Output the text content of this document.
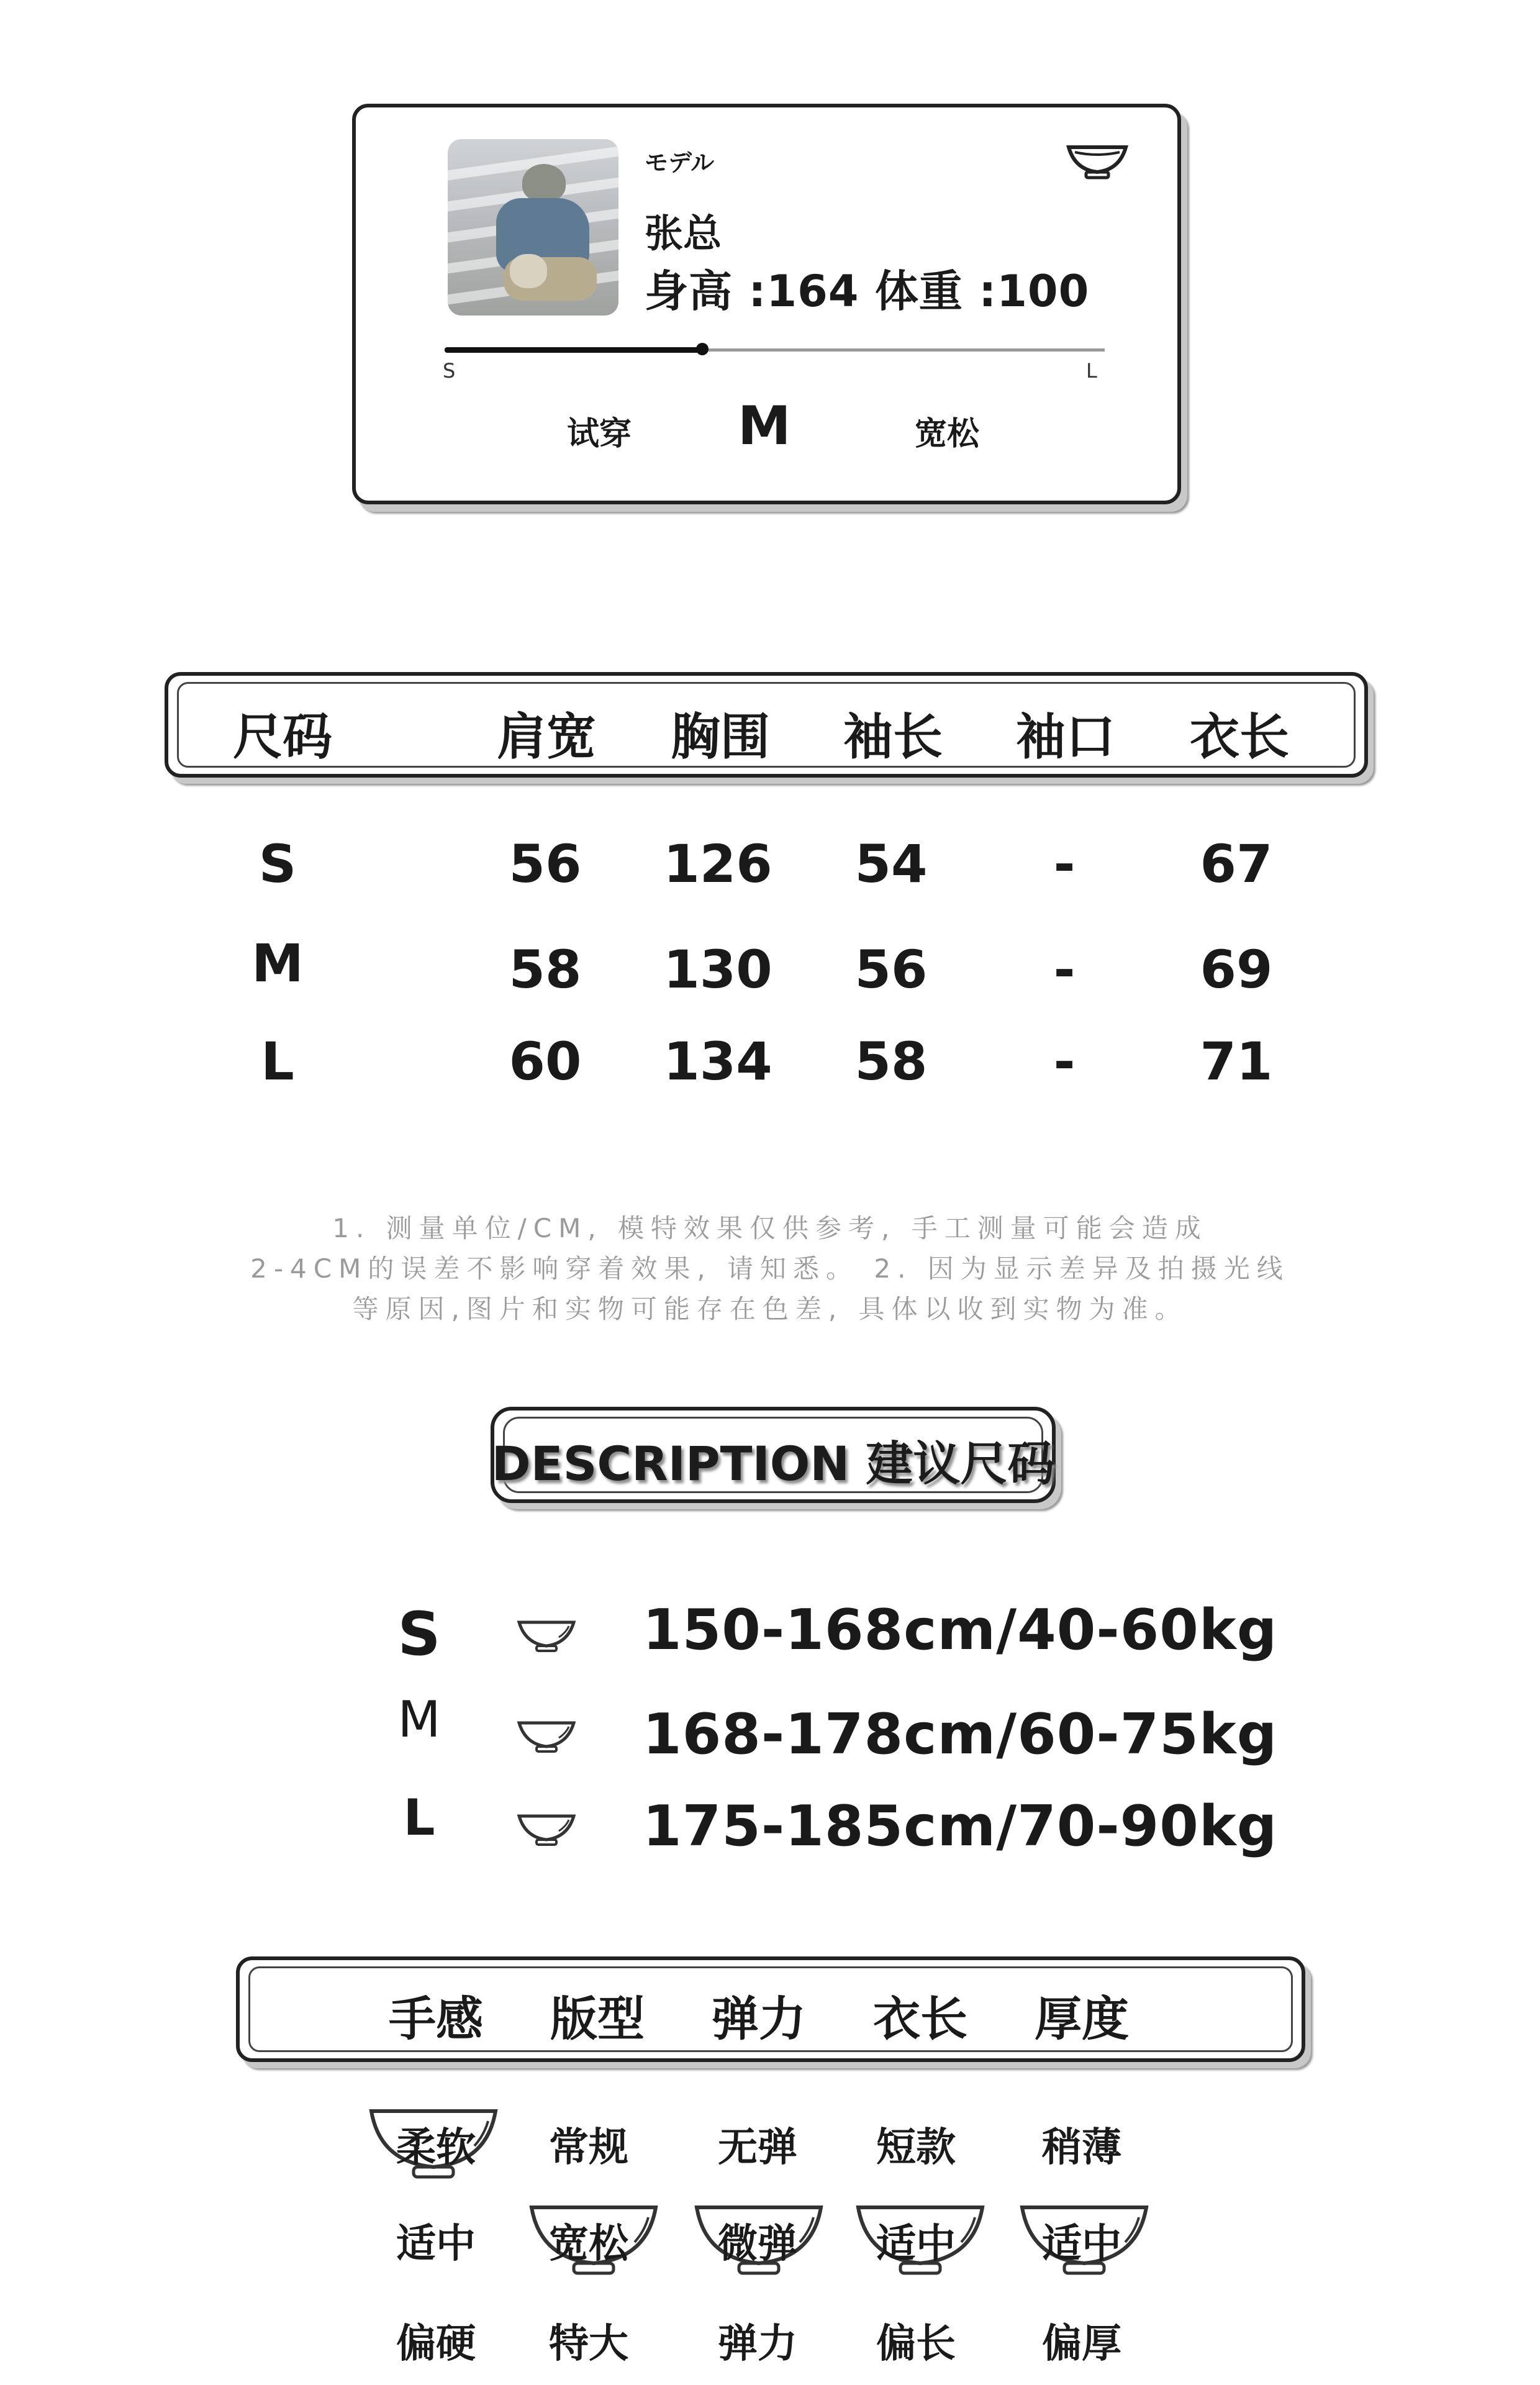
モデル
张总
身高 :164 体重 :100
S	L
试穿 M	宽松
尺码	肩宽	胸围	袖长	袖口	衣长
S	56	126	54	-	67
M	58	130	56	-	69
L	60	134	58	-	71
1. 测量单位/CM, 模特效果仅供参考, 手工测量可能会造成
2-4CM的误差不影响穿着效果, 请知悉。 2. 因为显示差异及拍摄光线
等原因,图片和实物可能存在色差, 具体以收到实物为准。
DESCRIPTION 建议尺码
S	150-168cm/40-60kg
M	168-178cm/60-75kg
L	175-185cm/70-90kg
手感	版型	弹力	衣长	厚度
柔软	常规	无弹	短款	稍薄
适中	宽松	微弹	适中	适中
偏硬	特大	弹力	偏长	偏厚
